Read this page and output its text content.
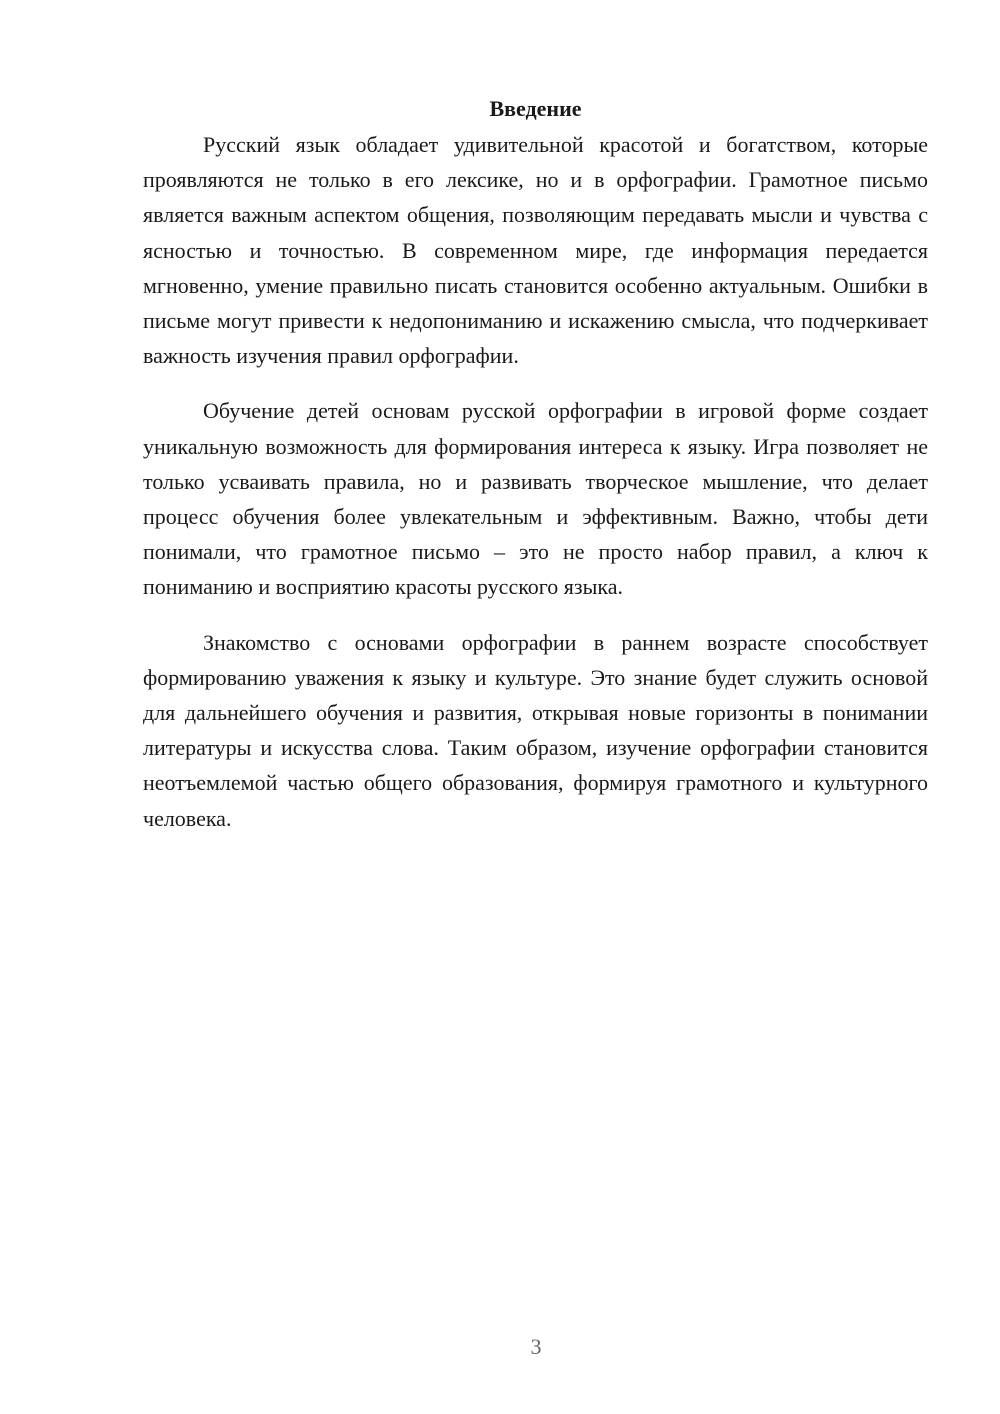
Введение

Русский язык обладает удивительной красотой и богатством, которые проявляются не только в его лексике, но и в орфографии. Грамотное письмо является важным аспектом общения, позволяющим передавать мысли и чувства с ясностью и точностью. В современном мире, где информация передается мгновенно, умение правильно писать становится особенно актуальным. Ошибки в письме могут привести к недопониманию и искажению смысла, что подчеркивает важность изучения правил орфографии.

Обучение детей основам русской орфографии в игровой форме создает уникальную возможность для формирования интереса к языку. Игра позволяет не только усваивать правила, но и развивать творческое мышление, что делает процесс обучения более увлекательным и эффективным. Важно, чтобы дети понимали, что грамотное письмо – это не просто набор правил, а ключ к пониманию и восприятию красоты русского языка.

Знакомство с основами орфографии в раннем возрасте способствует формированию уважения к языку и культуре. Это знание будет служить основой для дальнейшего обучения и развития, открывая новые горизонты в понимании литературы и искусства слова. Таким образом, изучение орфографии становится неотъемлемой частью общего образования, формируя грамотного и культурного человека.

3
